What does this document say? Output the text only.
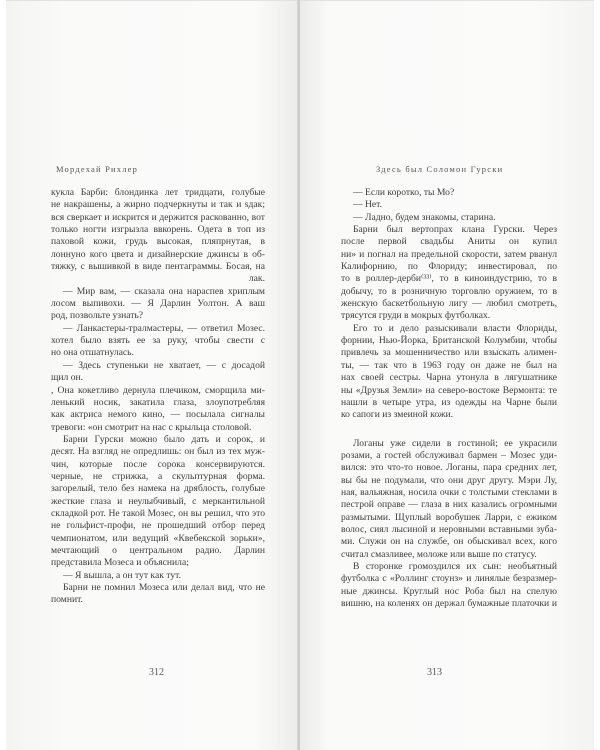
Мордехай Рихлер
кукла Барби: блондинка лет тридцати, голубые
не накрашены, а жирно подчеркнуты и так и sдак;
вся сверкает и искрится и держится раскованно, вот
только ногти изгрызла ввкорень. Одета в топ из
паховой кожи, грудь высокая, пляпрнутая, в
лоннуно кого цвета и дизайнерские джинсы в об-
тяжку, с вышивкой в виде пентаграммы. Босая, на
лак.
— Мир вам, — сказала она нараспев хриплым
лосом выпивохи. — Я Дарлин Уолтон. А ваш
род, позвольте узнать?
— Ланкастеры-тралмастеры, — ответил Мозес.
хотел было взять ее за руку, чтобы свести с
но она отшатнулась.
— Здесь ступеньки не хватает, — с досадой
щил он.
, Она кокетливо дернула плечиком, сморщила ми-
ленький носик, закатила глаза, злоупотребляя
как актриса немого кино, — посылала сигналы
тревоги: «он смотрит на нас с крыльца столовой.
Барни Гурски можно было дать и сорок, и
десят. На взгляд не опредлишь: он был из тех муж-
чин, которые после сорока консервируются.
черные, не стрижка, а скульптурная форма.
загорелый, тело без намека на дряблость, голубые
жесткие глаза и неулыбчивый, с меркантильной
складкой рот. Не такой Мозес, он вы решил, что это
не гольфист-профи, не прошедший отбор перед
чемпионатом, или ведущий «Квебекской зорьки»,
мечтающий о центральном радио. Дарлин
представила Мозеса и объяснила;
— Я вышла, а он тут как тут.
Барни не помнил Мозеса или делал вид, что не
помнит.
312
Здесь был Соломон Гурски
— Если коротко, ты Мо?
— Нет.
— Ладно, будем знакомы, старина.
Барни был вертопрах клана Гурски. Через
после первой свадьбы Аниты он купил
ни» и погнал на предельной скорости, затем рванул
Калифорнию, по Флориду; инвестировал, по
то в роллер-дерби⁽³³⁾, то в киноиндустрию, то в
добычу, то в розничную торговлю оружием, то в
женскую баскетбольную лигу — любил смотреть,
трясутся груди в мокрых футболках.
Его то и дело разыскивали власти Флориды,
форнии, Нью-Йорка, Британской Колумбии, чтобы
привлечь за мошенничество или взыскать алимен-
ты, — так что в 1963 году он даже не был на
нах своей сестры. Чарна утонула в лягушатнике
ны «Друзья Земли» на северо-востоке Вермонта: те
нашли в четыре утра, из одежды на Чарне были
ко сапоги из змеиной кожи.
Логаны уже сидели в гостиной; ее украсили
розами, а гостей обслуживал бармен – Мозес уди-
вился: это что-то новое. Логаны, пара средних лет,
вы бы не подумали, что они друг другу. Мэри Лу,
ная, вальяжная, носила очки с толстыми стеклами в
пестрой оправе — глаза в них казались огромными
размытыми. Щуплый воробушек Ларри, с ежиком
волос, сиял лысиной и неровными вставными зуба-
ми. Служи он на службе, он обыскивал всех, кого
считал смазливее, моложе или выше по статусу.
В сторонке громоздился их сын: необъятный
футболка с «Роллинг стоунз» и линялые безразмер-
ные джинсы. Круглый нос Роба был на спелую
вишню, на коленях он держал бумажные платочки и
313
